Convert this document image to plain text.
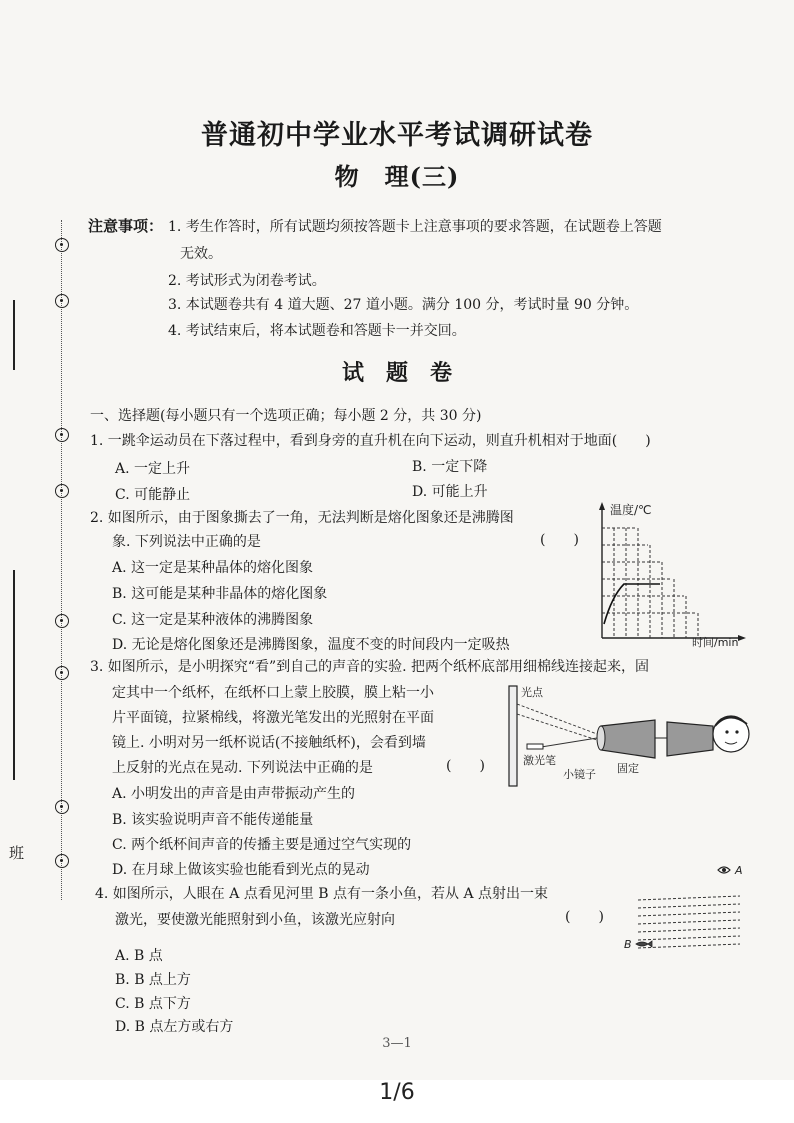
班
普通初中学业水平考试调研试卷
物　理(三)
注意事项： 1. 考生作答时，所有试题均须按答题卡上注意事项的要求答题，在试题卷上答题
无效。
2. 考试形式为闭卷考试。
3. 本试题卷共有 4 道大题、27 道小题。满分 100 分，考试时量 90 分钟。
4. 考试结束后，将本试题卷和答题卡一并交回。
试　题　卷
一、选择题(每小题只有一个选项正确；每小题 2 分，共 30 分)
1. 一跳伞运动员在下落过程中，看到身旁的直升机在向下运动，则直升机相对于地面(　　)
A. 一定上升	B. 一定下降
C. 可能静止	D. 可能上升
2. 如图所示，由于图象撕去了一角，无法判断是熔化图象还是沸腾图
象. 下列说法中正确的是	(　　)
A. 这一定是某种晶体的熔化图象
B. 这可能是某种非晶体的熔化图象
C. 这一定是某种液体的沸腾图象
D. 无论是熔化图象还是沸腾图象，温度不变的时间段内一定吸热
温度/℃
时间/min
3. 如图所示，是小明探究“看”到自己的声音的实验. 把两个纸杯底部用细棉线连接起来，固
定其中一个纸杯，在纸杯口上蒙上胶膜，膜上粘一小
片平面镜，拉紧棉线，将激光笔发出的光照射在平面
镜上. 小明对另一纸杯说话(不接触纸杯)，会看到墙
上反射的光点在晃动. 下列说法中正确的是	(　　)
A. 小明发出的声音是由声带振动产生的
B. 该实验说明声音不能传递能量
C. 两个纸杯间声音的传播主要是通过空气实现的
D. 在月球上做该实验也能看到光点的晃动
光点
激光笔
小镜子 固定
4. 如图所示，人眼在 A 点看见河里 B 点有一条小鱼，若从 A 点射出一束
激光，要使激光能照射到小鱼，该激光应射向	(　　)
A. B 点
B. B 点上方
C. B 点下方
D. B 点左方或右方
A
B
3—1
1/6
